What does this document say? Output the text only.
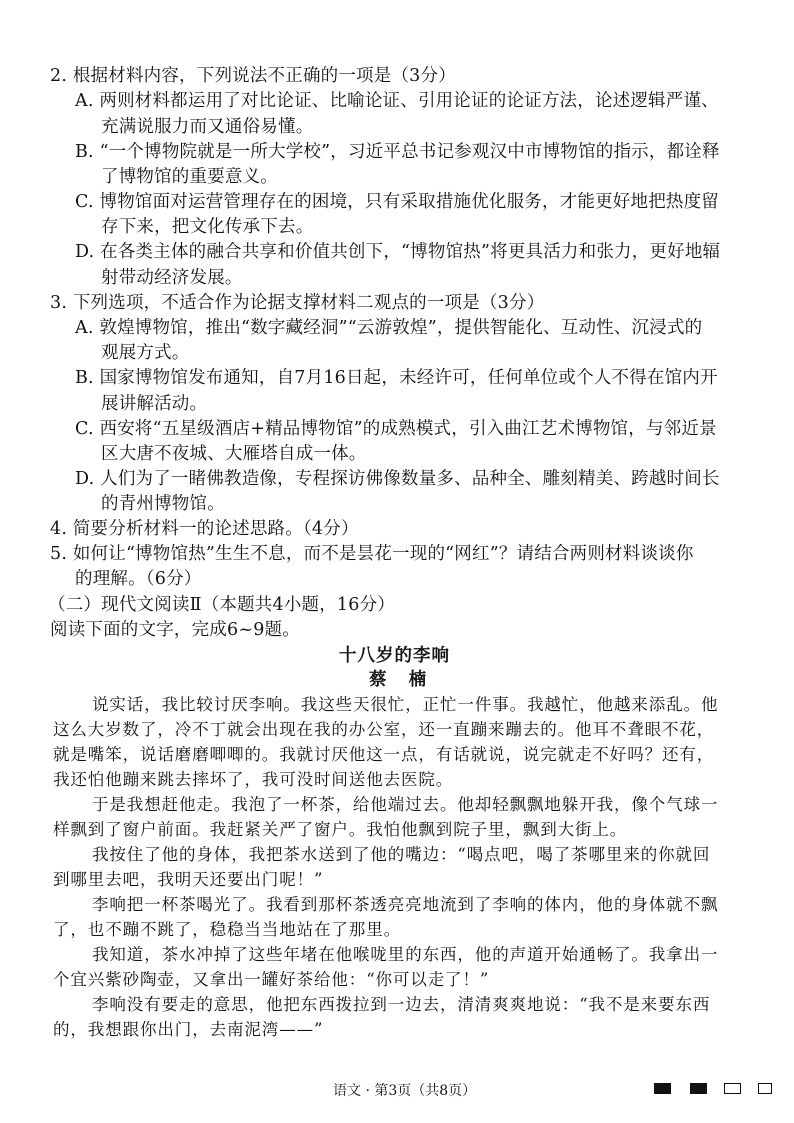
2. 根据材料内容，下列说法不正确的一项是（3分）
A. 两则材料都运用了对比论证、比喻论证、引用论证的论证方法，论述逻辑严谨、
充满说服力而又通俗易懂。
B. “一个博物院就是一所大学校”，习近平总书记参观汉中市博物馆的指示，都诠释
了博物馆的重要意义。
C. 博物馆面对运营管理存在的困境，只有采取措施优化服务，才能更好地把热度留
存下来，把文化传承下去。
D. 在各类主体的融合共享和价值共创下，“博物馆热”将更具活力和张力，更好地辐
射带动经济发展。
3. 下列选项，不适合作为论据支撑材料二观点的一项是（3分）
A. 敦煌博物馆，推出“数字藏经洞”“云游敦煌”，提供智能化、互动性、沉浸式的
观展方式。
B. 国家博物馆发布通知，自7月16日起，未经许可，任何单位或个人不得在馆内开
展讲解活动。
C. 西安将“五星级酒店+精品博物馆”的成熟模式，引入曲江艺术博物馆，与邻近景
区大唐不夜城、大雁塔自成一体。
D. 人们为了一睹佛教造像，专程探访佛像数量多、品种全、雕刻精美、跨越时间长
的青州博物馆。
4. 简要分析材料一的论述思路。（4分）
5. 如何让“博物馆热”生生不息，而不是昙花一现的“网红”？请结合两则材料谈谈你
的理解。（6分）
（二）现代文阅读Ⅱ（本题共4小题，16分）
阅读下面的文字，完成6~9题。
十八岁的李响
蔡 楠
说实话，我比较讨厌李响。我这些天很忙，正忙一件事。我越忙，他越来添乱。他
这么大岁数了，冷不丁就会出现在我的办公室，还一直蹦来蹦去的。他耳不聋眼不花，
就是嘴笨，说话磨磨唧唧的。我就讨厌他这一点，有话就说，说完就走不好吗？还有，
我还怕他蹦来跳去摔坏了，我可没时间送他去医院。
于是我想赶他走。我泡了一杯茶，给他端过去。他却轻飘飘地躲开我，像个气球一
样飘到了窗户前面。我赶紧关严了窗户。我怕他飘到院子里，飘到大街上。
我按住了他的身体，我把茶水送到了他的嘴边：“喝点吧，喝了茶哪里来的你就回
到哪里去吧，我明天还要出门呢！”
李响把一杯茶喝光了。我看到那杯茶透亮亮地流到了李响的体内，他的身体就不飘
了，也不蹦不跳了，稳稳当当地站在了那里。
我知道，茶水冲掉了这些年堵在他喉咙里的东西，他的声道开始通畅了。我拿出一
个宜兴紫砂陶壶，又拿出一罐好茶给他：“你可以走了！”
李响没有要走的意思，他把东西拨拉到一边去，清清爽爽地说：“我不是来要东西
的，我想跟你出门，去南泥湾——”
语文 · 第3页（共8页）
